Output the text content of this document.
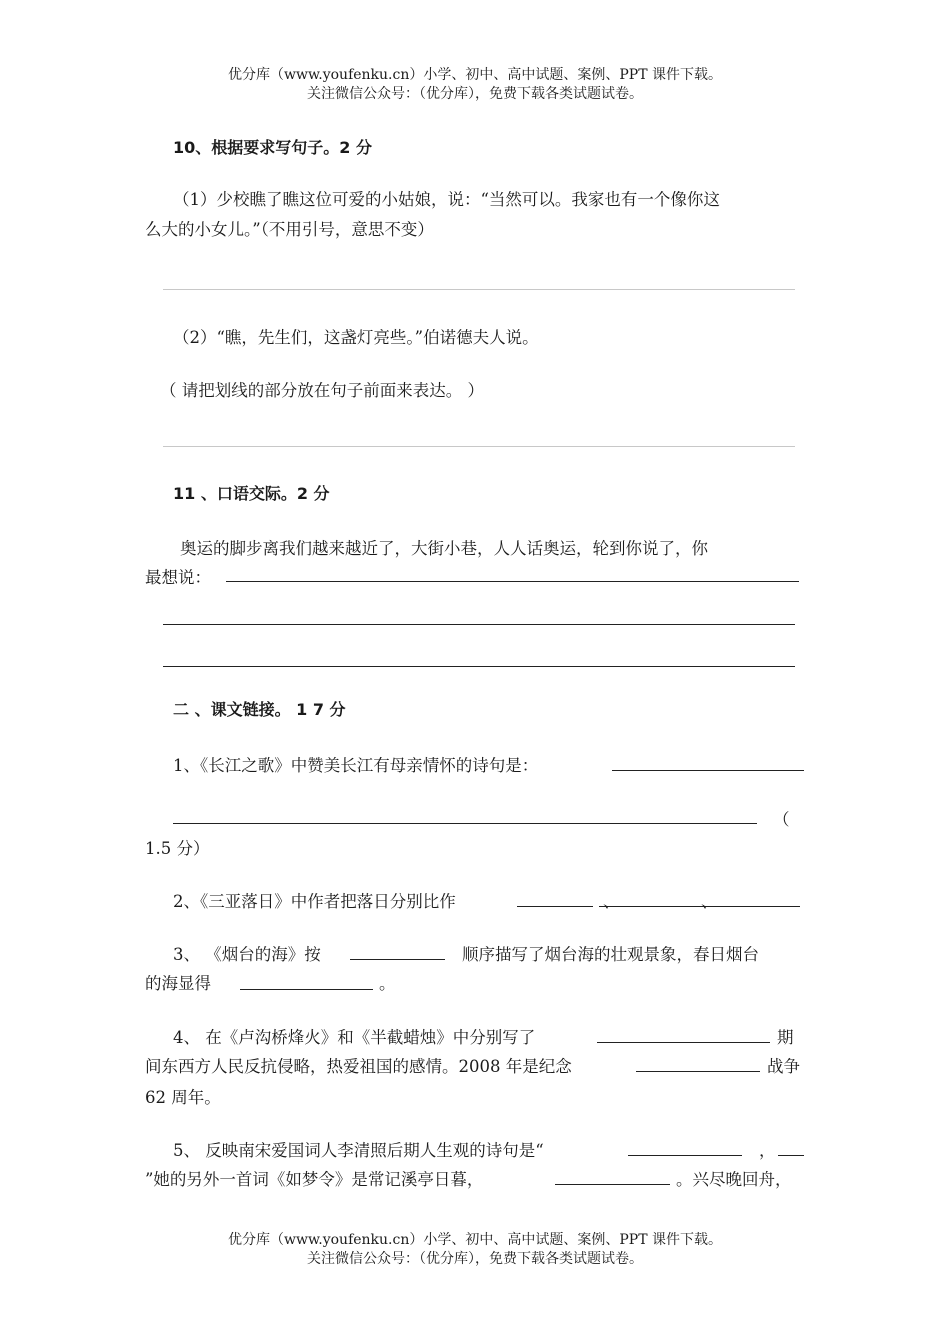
优分库（www.youfenku.cn）小学、初中、高中试题、案例、PPT 课件下载。
关注微信公众号：（优分库），免费下载各类试题试卷。
10、根据要求写句子。2 分
（1）少校瞧了瞧这位可爱的小姑娘，说：“当然可以。我家也有一个像你这
么大的小女儿。”（不用引号，意思不变）
（2）“瞧，先生们，这盏灯亮些。”伯诺德夫人说。
（ 请把划线的部分放在句子前面来表达。 ）
11 、口语交际。2 分
奥运的脚步离我们越来越近了，大街小巷，人人话奥运，轮到你说了，你
最想说：
二 、课文链接。 1 7 分
1、《长江之歌》中赞美长江有母亲情怀的诗句是：
（
1.5 分）
2、《三亚落日》中作者把落日分别比作	、	、
3、 《烟台的海》按	顺序描写了烟台海的壮观景象，春日烟台
的海显得	。
4、 在《卢沟桥烽火》和《半截蜡烛》中分别写了	期
间东西方人民反抗侵略，热爱祖国的感情。2008 年是纪念	战争
62 周年。
5、 反映南宋爱国词人李清照后期人生观的诗句是“	，
”她的另外一首词《如梦令》是常记溪亭日暮，	。兴尽晚回舟，
优分库（www.youfenku.cn）小学、初中、高中试题、案例、PPT 课件下载。
关注微信公众号：（优分库），免费下载各类试题试卷。
